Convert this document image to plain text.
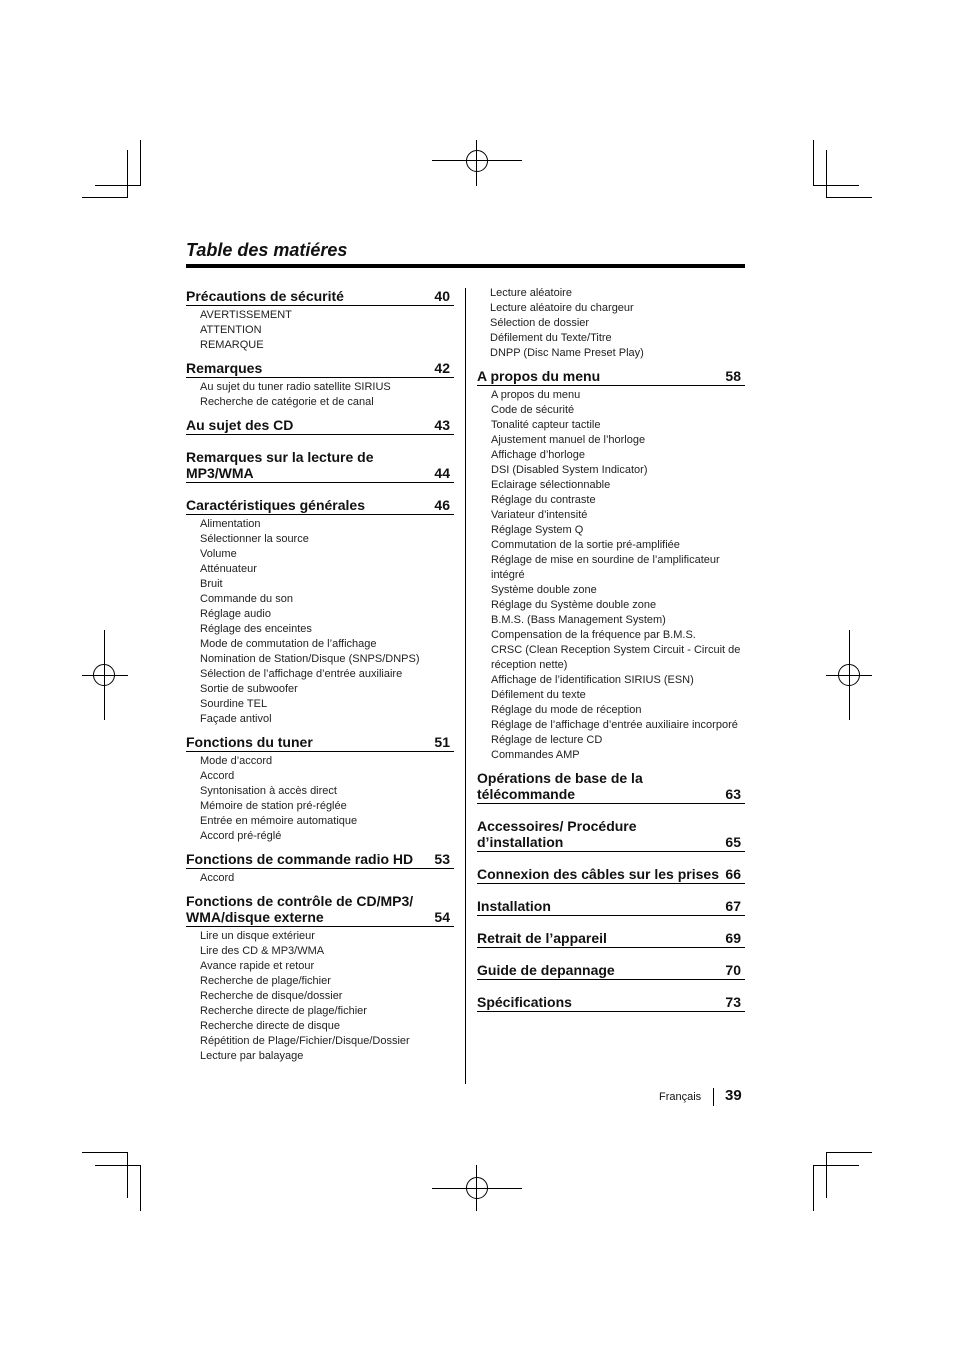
Table des matiéres
Précautions de sécurité	40
AVERTISSEMENT
ATTENTION
REMARQUE
Remarques	42
Au sujet du tuner radio satellite SIRIUS
Recherche de catégorie et de canal
Au sujet des CD	43
Remarques sur la lecture de MP3/WMA	44
Caractéristiques générales	46
Alimentation
Sélectionner la source
Volume
Atténuateur
Bruit
Commande du son
Réglage audio
Réglage des enceintes
Mode de commutation de l’affichage
Nomination de Station/Disque (SNPS/DNPS)
Sélection de l’affichage d’entrée auxiliaire
Sortie de subwoofer
Sourdine TEL
Façade antivol
Fonctions du tuner	51
Mode d’accord
Accord
Syntonisation à accès direct
Mémoire de station pré-réglée
Entrée en mémoire automatique
Accord pré-réglé
Fonctions de commande radio HD	53
Accord
Fonctions de contrôle de CD/MP3/ WMA/disque externe	54
Lire un disque extérieur
Lire des CD & MP3/WMA
Avance rapide et retour
Recherche de plage/fichier
Recherche de disque/dossier
Recherche directe de plage/fichier
Recherche directe de disque
Répétition de Plage/Fichier/Disque/Dossier
Lecture par balayage
Lecture aléatoire
Lecture aléatoire du chargeur
Sélection de dossier
Défilement du Texte/Titre
DNPP (Disc Name Preset Play)
A propos du menu	58
A propos du menu
Code de sécurité
Tonalité capteur tactile
Ajustement manuel de l’horloge
Affichage d’horloge
DSI (Disabled System Indicator)
Eclairage sélectionnable
Réglage du contraste
Variateur d’intensité
Réglage System Q
Commutation de la sortie pré-amplifiée
Réglage de mise en sourdine de l’amplificateur intégré
Système double zone
Réglage du Système double zone
B.M.S. (Bass Management System)
Compensation de la fréquence par B.M.S.
CRSC (Clean Reception System Circuit - Circuit de réception nette)
Affichage de l’identification SIRIUS (ESN)
Défilement du texte
Réglage du mode de réception
Réglage de l’affichage d’entrée auxiliaire incorporé
Réglage de lecture CD
Commandes AMP
Opérations de base de la télécommande	63
Accessoires/ Procédure d’installation	65
Connexion des câbles sur les prises 66
Installation	67
Retrait de l’appareil	69
Guide de depannage	70
Spécifications	73
Français 39
